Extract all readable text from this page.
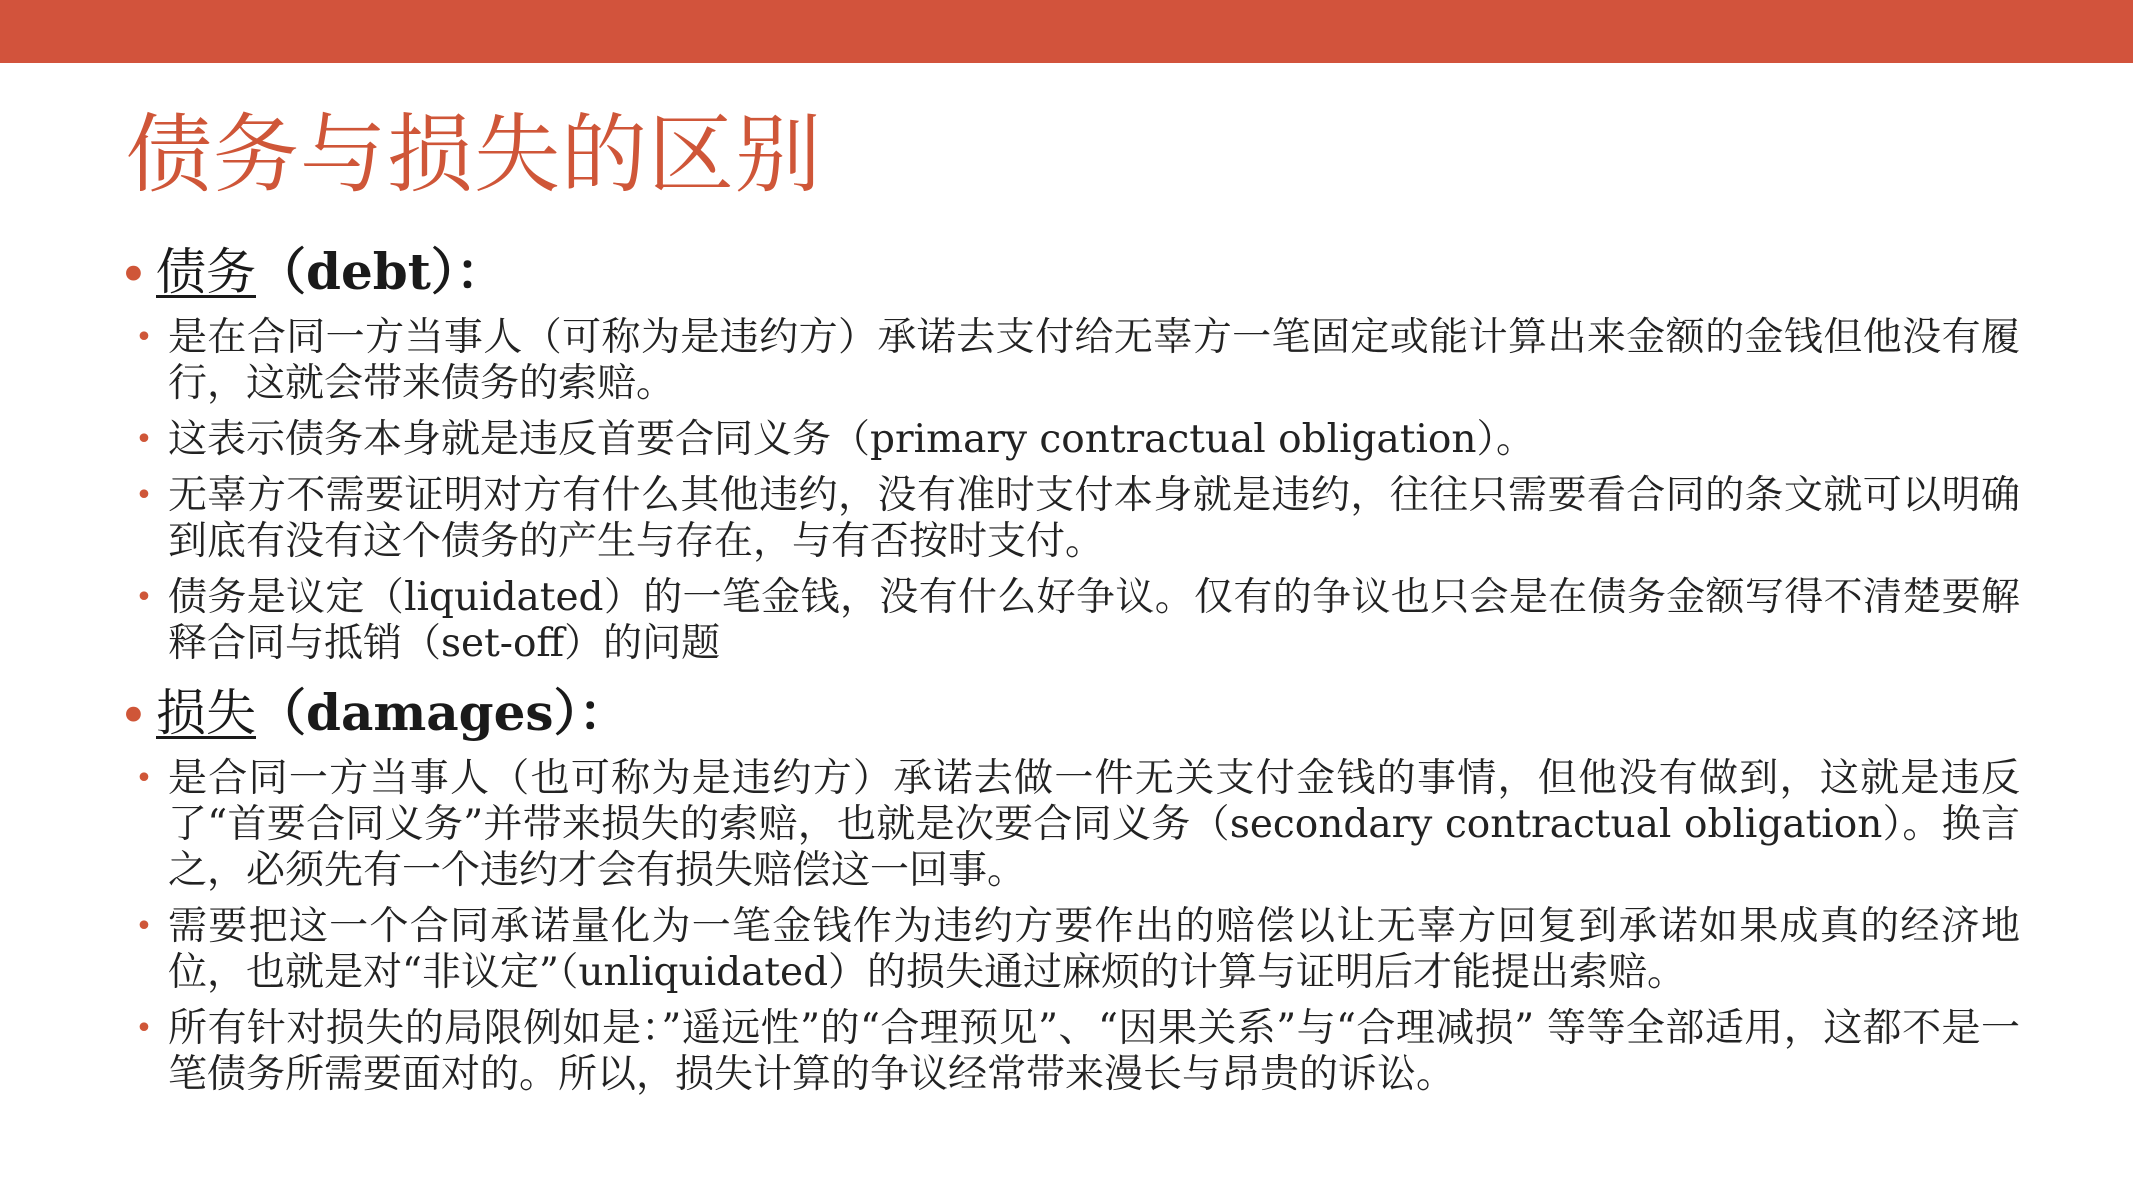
债务与损失的区别
• 债务（debt）：
• 是在合同一方当事人（可称为是违约方）承诺去支付给无辜方一笔固定或能计算出来金额的金钱但他没有履行，这就会带来债务的索赔。
• 这表示债务本身就是违反首要合同义务（primary contractual obligation）。
• 无辜方不需要证明对方有什么其他违约，没有准时支付本身就是违约，往往只需要看合同的条文就可以明确到底有没有这个债务的产生与存在，与有否按时支付。
• 债务是议定（liquidated）的一笔金钱，没有什么好争议。仅有的争议也只会是在债务金额写得不清楚要解释合同与抵销（set-off）的问题
• 损失（damages）：
• 是合同一方当事人（也可称为是违约方）承诺去做一件无关支付金钱的事情，但他没有做到，这就是违反了“首要合同义务”并带来损失的索赔，也就是次要合同义务（secondary contractual obligation）。换言之，必须先有一个违约才会有损失赔偿这一回事。
• 需要把这一个合同承诺量化为一笔金钱作为违约方要作出的赔偿以让无辜方回复到承诺如果成真的经济地位，也就是对“非议定”（unliquidated）的损失通过麻烦的计算与证明后才能提出索赔。
• 所有针对损失的局限例如是：”遥远性”的“合理预见”、“因果关系”与“合理减损” 等等全部适用，这都不是一笔债务所需要面对的。所以，损失计算的争议经常带来漫长与昂贵的诉讼。
